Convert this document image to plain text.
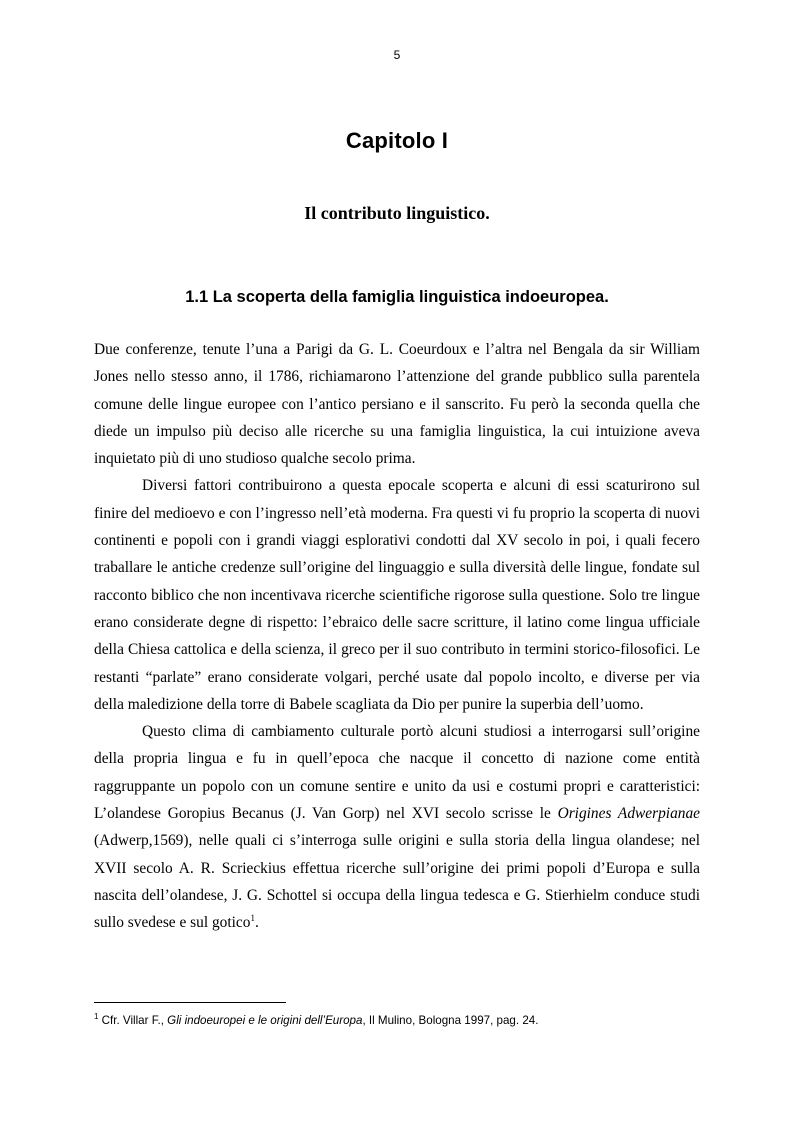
5
Capitolo I
Il contributo linguistico.
1.1 La scoperta della famiglia linguistica indoeuropea.

Due conferenze, tenute l’una a Parigi da G. L. Coeurdoux e l’altra nel Bengala da sir William Jones nello stesso anno, il 1786, richiamarono l’attenzione del grande pubblico sulla parentela comune delle lingue europee con l’antico persiano e il sanscrito. Fu però la seconda quella che diede un impulso più deciso alle ricerche su una famiglia linguistica, la cui intuizione aveva inquietato più di uno studioso qualche secolo prima.

Diversi fattori contribuirono a questa epocale scoperta e alcuni di essi scaturirono sul finire del medioevo e con l’ingresso nell’età moderna. Fra questi vi fu proprio la scoperta di nuovi continenti e popoli con i grandi viaggi esplorativi condotti dal XV secolo in poi, i quali fecero traballare le antiche credenze sull’origine del linguaggio e sulla diversità delle lingue, fondate sul racconto biblico che non incentivava ricerche scientifiche rigorose sulla questione. Solo tre lingue erano considerate degne di rispetto: l’ebraico delle sacre scritture, il latino come lingua ufficiale della Chiesa cattolica e della scienza, il greco per il suo contributo in termini storico-filosofici. Le restanti “parlate” erano considerate volgari, perché usate dal popolo incolto, e diverse per via della maledizione della torre di Babele scagliata da Dio per punire la superbia dell’uomo.

Questo clima di cambiamento culturale portò alcuni studiosi a interrogarsi sull’origine della propria lingua e fu in quell’epoca che nacque il concetto di nazione come entità raggruppante un popolo con un comune sentire e unito da usi e costumi propri e caratteristici: L’olandese Goropius Becanus (J. Van Gorp) nel XVI secolo scrisse le Origines Adwerpianae (Adwerp,1569), nelle quali ci s’interroga sulle origini e sulla storia della lingua olandese; nel XVII secolo A. R. Scrieckius effettua ricerche sull’origine dei primi popoli d’Europa e sulla nascita dell’olandese, J. G. Schottel si occupa della lingua tedesca e G. Stierhielm conduce studi sullo svedese e sul gotico$^1$.

$^1$ Cfr. Villar F., Gli indoeuropei e le origini dell’Europa, Il Mulino, Bologna 1997, pag. 24.
